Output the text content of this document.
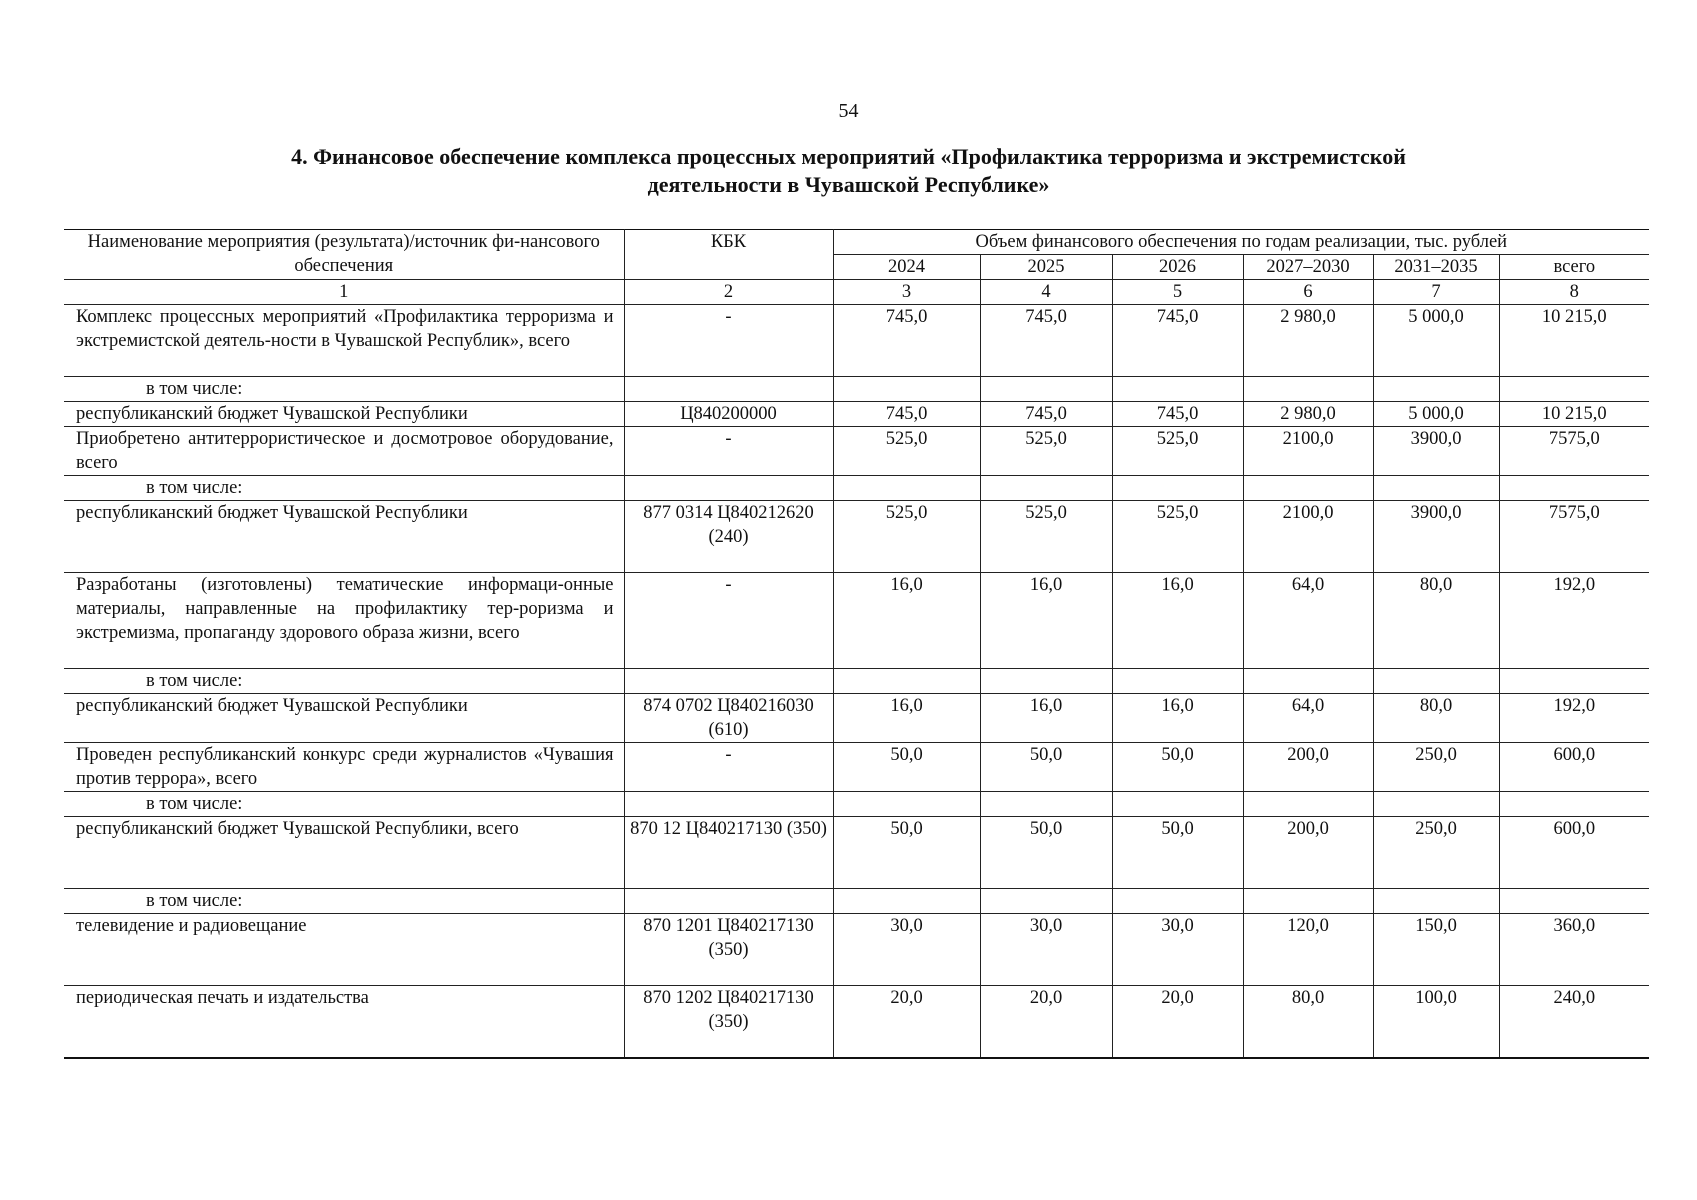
54
4. Финансовое обеспечение комплекса процессных мероприятий «Профилактика терроризма и экстремистской
деятельности в Чувашской Республике»
Наименование мероприятия (результата)/источник фи-нансового обеспечения	КБК	Объем финансового обеспечения по годам реализации, тыс. рублей					
		2024	2025	2026	2027–2030	2031–2035	всего
1	2	3	4	5	6	7	8
Комплекс процессных мероприятий «Профилактика терроризма и экстремистской деятель-ности в Чувашской Республик», всего	-	745,0	745,0	745,0	2 980,0	5 000,0	10 215,0
в том числе:							
республиканский бюджет Чувашской Республики	Ц840200000	745,0	745,0	745,0	2 980,0	5 000,0	10 215,0
Приобретено антитеррористическое и досмотровое оборудование, всего	-	525,0	525,0	525,0	2100,0	3900,0	7575,0
в том числе:							
республиканский бюджет Чувашской Республики	877 0314 Ц840212620 (240)	525,0	525,0	525,0	2100,0	3900,0	7575,0
Разработаны (изготовлены) тематические информаци-онные материалы, направленные на профилактику тер-роризма и экстремизма, пропаганду здорового образа жизни, всего	-	16,0	16,0	16,0	64,0	80,0	192,0
в том числе:							
республиканский бюджет Чувашской Республики	874 0702 Ц840216030 (610)	16,0	16,0	16,0	64,0	80,0	192,0
Проведен республиканский конкурс среди журналистов «Чувашия против террора», всего	-	50,0	50,0	50,0	200,0	250,0	600,0
в том числе:							
республиканский бюджет Чувашской Республики, всего	870 12 Ц840217130 (350)	50,0	50,0	50,0	200,0	250,0	600,0
в том числе:							
телевидение и радиовещание	870 1201 Ц840217130 (350)	30,0	30,0	30,0	120,0	150,0	360,0
периодическая печать и издательства	870 1202 Ц840217130 (350)	20,0	20,0	20,0	80,0	100,0	240,0
